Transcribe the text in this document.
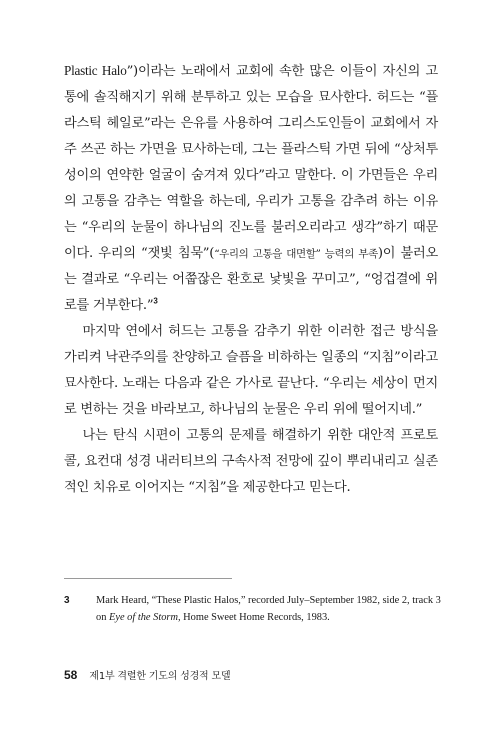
Plastic Halo”)이라는 노래에서 교회에 속한 많은 이들이 자신의 고통에 솔직해지기 위해 분투하고 있는 모습을 묘사한다. 허드는 “플라스틱 헤일로”라는 은유를 사용하여 그리스도인들이 교회에서 자주 쓰곤 하는 가면을 묘사하는데, 그는 플라스틱 가면 뒤에 “상처투성이의 연약한 얼굴이 숨겨져 있다”라고 말한다. 이 가면들은 우리의 고통을 감추는 역할을 하는데, 우리가 고통을 감추려 하는 이유는 “우리의 눈물이 하나님의 진노를 불러오리라고 생각”하기 때문이다. 우리의 “잿빛 침묵”(“우리의 고통을 대면할” 능력의 부족)이 불러오는 결과로 “우리는 어쭙잖은 환호로 낯빛을 꾸미고”, “엉겁결에 위로를 거부한다.”$^3$

마지막 연에서 허드는 고통을 감추기 위한 이러한 접근 방식을 가리켜 낙관주의를 찬양하고 슬픔을 비하하는 일종의 “지침”이라고 묘사한다. 노래는 다음과 같은 가사로 끝난다. “우리는 세상이 먼지로 변하는 것을 바라보고, 하나님의 눈물은 우리 위에 떨어지네.”

나는 탄식 시편이 고통의 문제를 해결하기 위한 대안적 프로토콜, 요컨대 성경 내러티브의 구속사적 전망에 깊이 뿌리내리고 실존적인 치유로 이어지는 “지침”을 제공한다고 믿는다.

3	Mark Heard, “These Plastic Halos,” recorded July–September 1982, side 2, track 3 on Eye of the Storm, Home Sweet Home Records, 1983.
58 제1부 격렬한 기도의 성경적 모델
